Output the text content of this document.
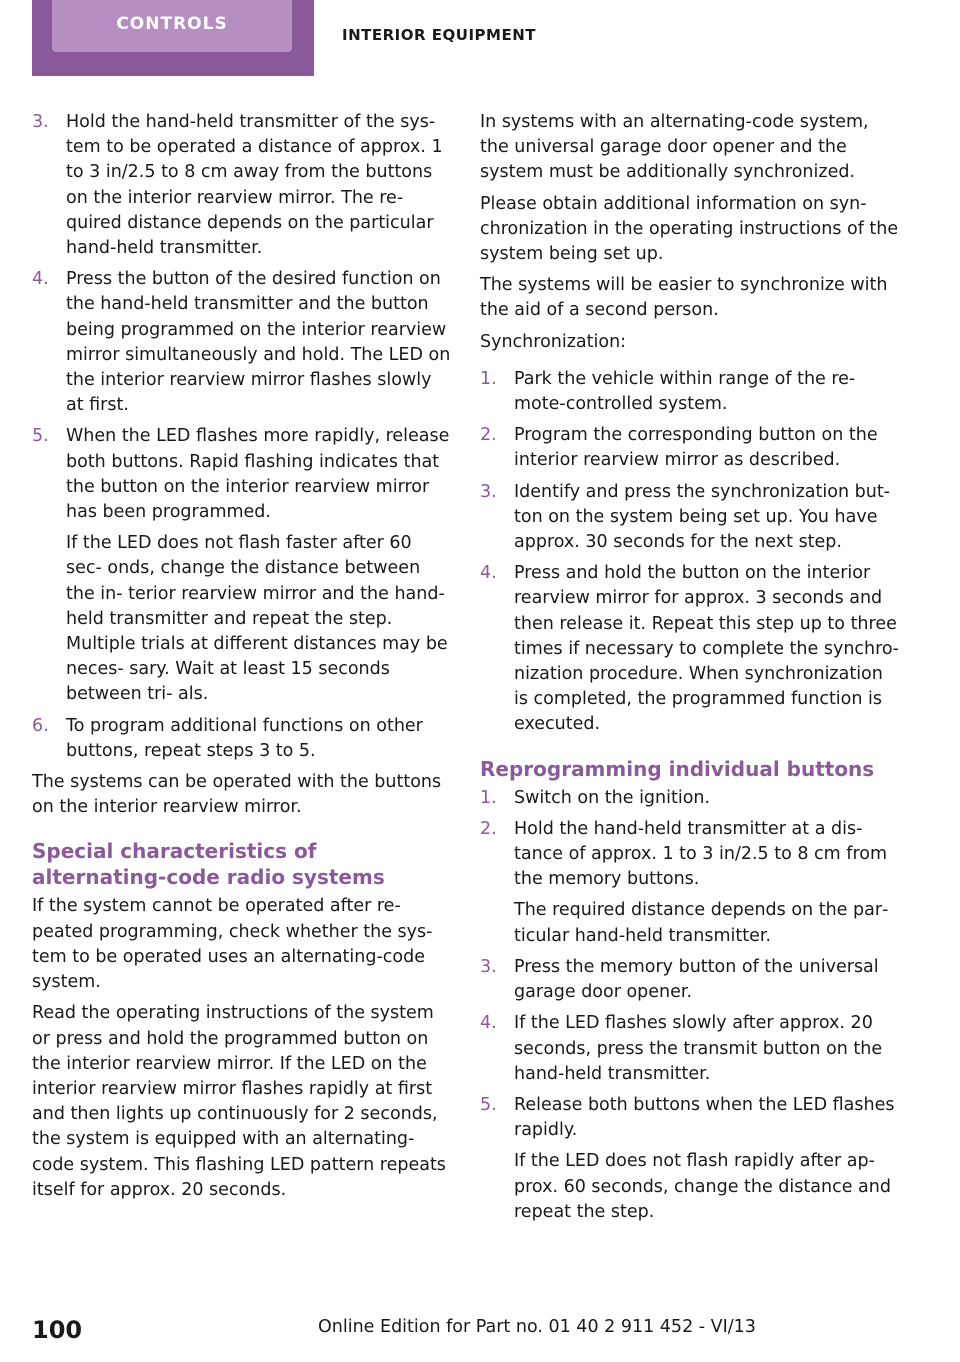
CONTROLS
INTERIOR EQUIPMENT
3. Hold the hand-held transmitter of the sys‐ tem to be operated a distance of approx. 1 to 3 in/2.5 to 8 cm away from the buttons on the interior rearview mirror. The re‐ quired distance depends on the particular hand-held transmitter.

4. Press the button of the desired function on the hand-held transmitter and the button being programmed on the interior rearview mirror simultaneously and hold. The LED on the interior rearview mirror flashes slowly at first.

5. When the LED flashes more rapidly, release both buttons. Rapid flashing indicates that the button on the interior rearview mirror has been programmed.

If the LED does not flash faster after 60 sec‐ onds, change the distance between the in‐ terior rearview mirror and the hand-held transmitter and repeat the step. Multiple trials at different distances may be neces‐ sary. Wait at least 15 seconds between tri‐ als.

6. To program additional functions on other buttons, repeat steps 3 to 5.

The systems can be operated with the buttons on the interior rearview mirror.

Special characteristics of alternating-code radio systems

If the system cannot be operated after re‐ peated programming, check whether the sys‐ tem to be operated uses an alternating-code system.

Read the operating instructions of the system or press and hold the programmed button on the interior rearview mirror. If the LED on the interior rearview mirror flashes rapidly at first and then lights up continuously for 2 seconds, the system is equipped with an alternating-code system. This flashing LED pattern repeats itself for approx. 20 seconds.

In systems with an alternating-code system, the universal garage door opener and the system must be additionally synchronized.

Please obtain additional information on syn‐ chronization in the operating instructions of the system being set up.

The systems will be easier to synchronize with the aid of a second person.

Synchronization:

1. Park the vehicle within range of the re‐ mote-controlled system.

2. Program the corresponding button on the interior rearview mirror as described.

3. Identify and press the synchronization but‐ ton on the system being set up. You have approx. 30 seconds for the next step.

4. Press and hold the button on the interior rearview mirror for approx. 3 seconds and then release it. Repeat this step up to three times if necessary to complete the synchro‐ nization procedure. When synchronization is completed, the programmed function is executed.

Reprogramming individual buttons
1. Switch on the ignition.

2. Hold the hand-held transmitter at a dis‐ tance of approx. 1 to 3 in/2.5 to 8 cm from the memory buttons.

The required distance depends on the par‐ ticular hand-held transmitter.

3. Press the memory button of the universal garage door opener.

4. If the LED flashes slowly after approx. 20 seconds, press the transmit button on the hand-held transmitter.

5. Release both buttons when the LED flashes rapidly.

If the LED does not flash rapidly after ap‐ prox. 60 seconds, change the distance and repeat the step.

100	Online Edition for Part no. 01 40 2 911 452 - VI/13
